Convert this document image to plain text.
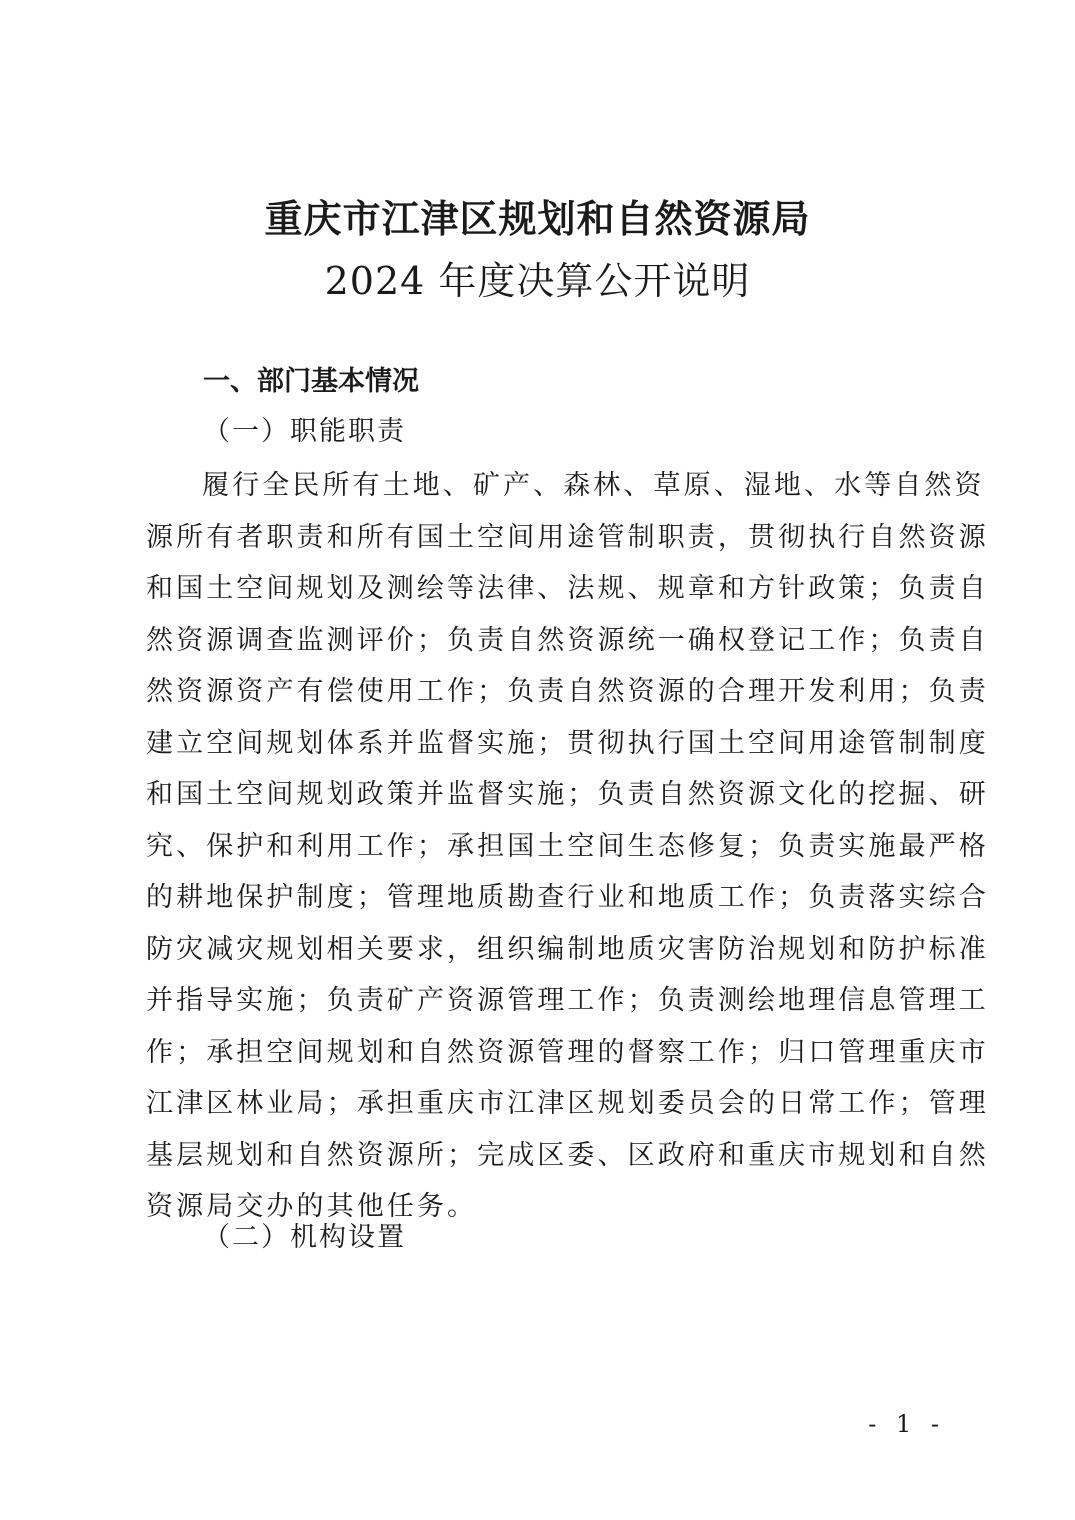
重庆市江津区规划和自然资源局
2024 年度决算公开说明
一、部门基本情况
（一）职能职责
履行全民所有土地、矿产、森林、草原、湿地、水等自然资
源所有者职责和所有国土空间用途管制职责，贯彻执行自然资源
和国土空间规划及测绘等法律、法规、规章和方针政策；负责自
然资源调查监测评价；负责自然资源统一确权登记工作；负责自
然资源资产有偿使用工作；负责自然资源的合理开发利用；负责
建立空间规划体系并监督实施；贯彻执行国土空间用途管制制度
和国土空间规划政策并监督实施；负责自然资源文化的挖掘、研
究、保护和利用工作；承担国土空间生态修复；负责实施最严格
的耕地保护制度；管理地质勘查行业和地质工作；负责落实综合
防灾减灾规划相关要求，组织编制地质灾害防治规划和防护标准
并指导实施；负责矿产资源管理工作；负责测绘地理信息管理工
作；承担空间规划和自然资源管理的督察工作；归口管理重庆市
江津区林业局；承担重庆市江津区规划委员会的日常工作；管理
基层规划和自然资源所；完成区委、区政府和重庆市规划和自然
资源局交办的其他任务。
（二）机构设置
- 1 -
